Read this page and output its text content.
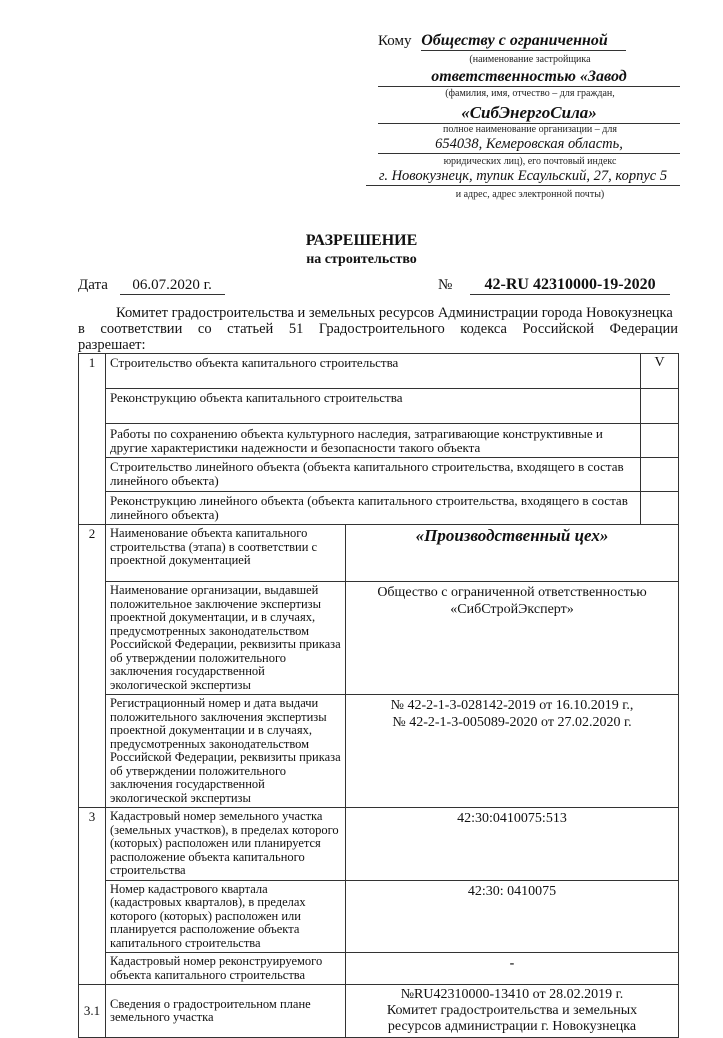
Кому Обществу с ограниченной
(наименование застройщика
ответственностью «Завод
(фамилия, имя, отчество – для граждан,
«СибЭнергоСила»
полное наименование организации – для
654038, Кемеровская область,
юридических лиц), его почтовый индекс
г. Новокузнецк, тупик Есаульский, 27, корпус 5
и адрес, адрес электронной почты)
РАЗРЕШЕНИЕ
на строительство
Дата 06.07.2020 г.	№ 42-RU 42310000-19-2020
Комитет градостроительства и земельных ресурсов Администрации города Новокузнецка
в соответствии со статьей 51 Градостроительного кодекса Российской Федерации
разрешает:
1	Строительство объекта капитального строительства		V
	Реконструкцию объекта капитального строительства		
	Работы по сохранению объекта культурного наследия, затрагивающие конструктивные и другие характеристики надежности и безопасности такого объекта		
	Строительство линейного объекта (объекта капитального строительства, входящего в состав линейного объекта)		
	Реконструкцию линейного объекта (объекта капитального строительства, входящего в состав линейного объекта)		
2	Наименование объекта капитального строительства (этапа) в соответствии с проектной документацией	«Производственный цех»	
	Наименование организации, выдавшей положительное заключение экспертизы проектной документации, и в случаях, предусмотренных законодательством Российской Федерации, реквизиты приказа об утверждении положительного заключения государственной экологической экспертизы	Общество с ограниченной ответственностью
«СибСтройЭксперт»	

	Регистрационный номер и дата выдачи положительного заключения экспертизы проектной документации и в случаях, предусмотренных законодательством Российской Федерации, реквизиты приказа об утверждении положительного заключения государственной экологической экспертизы	№ 42-2-1-3-028142-2019 от 16.10.2019 г.,
№ 42-2-1-3-005089-2020 от 27.02.2020 г.	

3	Кадастровый номер земельного участка (земельных участков), в пределах которого (которых) расположен или планируется расположение объекта капитального строительства	42:30:0410075:513	
	Номер кадастрового квартала (кадастровых кварталов), в пределах которого (которых) расположен или планируется расположение объекта капитального строительства	42:30: 0410075	
	Кадастровый номер реконструируемого объекта капитального строительства	-	
3.1	Сведения о градостроительном плане земельного участка	№RU42310000-13410 от 28.02.2019 г.
Комитет градостроительства и земельных
ресурсов администрации г. Новокузнецка	
